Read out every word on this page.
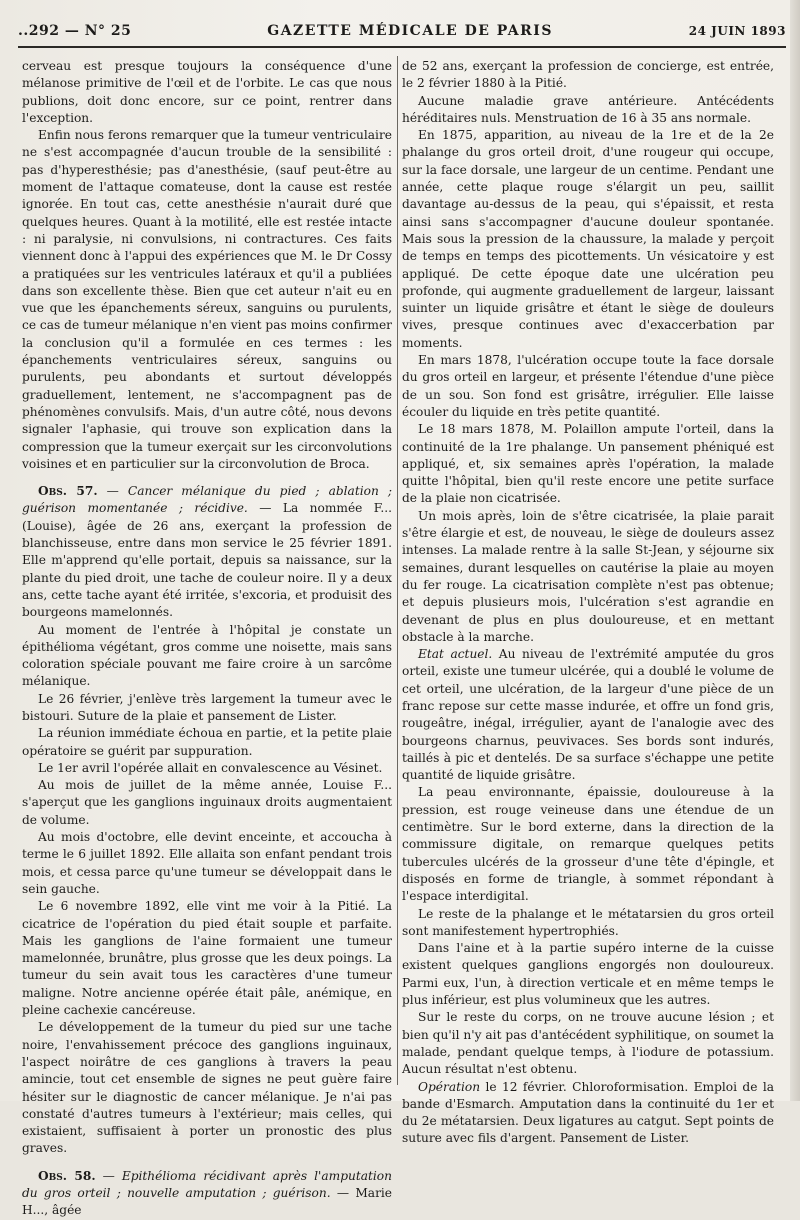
..292 — N° 25	GAZETTE MÉDICALE DE PARIS	24 JUIN 1893

cerveau est presque toujours la conséquence d'une mélanose primitive de l'œil et de l'orbite. Le cas que nous publions, doit donc encore, sur ce point, rentrer dans l'exception.

Enfin nous ferons remarquer que la tumeur ventriculaire ne s'est accompagnée d'aucun trouble de la sensibilité : pas d'hyperesthésie; pas d'anesthésie, (sauf peut-être au moment de l'attaque comateuse, dont la cause est restée ignorée. En tout cas, cette anesthésie n'aurait duré que quelques heures. Quant à la motilité, elle est restée intacte : ni paralysie, ni convulsions, ni contractures. Ces faits viennent donc à l'appui des expériences que M. le Dr Cossy a pratiquées sur les ventricules latéraux et qu'il a publiées dans son excellente thèse. Bien que cet auteur n'ait eu en vue que les épanchements séreux, sanguins ou purulents, ce cas de tumeur mélanique n'en vient pas moins confirmer la conclusion qu'il a formulée en ces termes : les épanchements ventriculaires séreux, sanguins ou purulents, peu abondants et surtout développés graduellement, lentement, ne s'accompagnent pas de phénomènes convulsifs. Mais, d'un autre côté, nous devons signaler l'aphasie, qui trouve son explication dans la compression que la tumeur exerçait sur les circonvolutions voisines et en particulier sur la circonvolution de Broca.

Obs. 57. — Cancer mélanique du pied ; ablation ; guérison momentanée ; récidive. — La nommée F... (Louise), âgée de 26 ans, exerçant la profession de blanchisseuse, entre dans mon service le 25 février 1891. Elle m'apprend qu'elle portait, depuis sa naissance, sur la plante du pied droit, une tache de couleur noire. Il y a deux ans, cette tache ayant été irritée, s'excoria, et produisit des bourgeons mamelonnés.

Au moment de l'entrée à l'hôpital je constate un épithélioma végétant, gros comme une noisette, mais sans coloration spéciale pouvant me faire croire à un sarcôme mélanique.

Le 26 février, j'enlève très largement la tumeur avec le bistouri. Suture de la plaie et pansement de Lister.

La réunion immédiate échoua en partie, et la petite plaie opératoire se guérit par suppuration.

Le 1er avril l'opérée allait en convalescence au Vésinet.

Au mois de juillet de la même année, Louise F... s'aperçut que les ganglions inguinaux droits augmentaient de volume.

Au mois d'octobre, elle devint enceinte, et accoucha à terme le 6 juillet 1892. Elle allaita son enfant pendant trois mois, et cessa parce qu'une tumeur se développait dans le sein gauche.

Le 6 novembre 1892, elle vint me voir à la Pitié. La cicatrice de l'opération du pied était souple et parfaite. Mais les ganglions de l'aine formaient une tumeur mamelonnée, brunâtre, plus grosse que les deux poings. La tumeur du sein avait tous les caractères d'une tumeur maligne. Notre ancienne opérée était pâle, anémique, en pleine cachexie cancéreuse.

Le développement de la tumeur du pied sur une tache noire, l'envahissement précoce des ganglions inguinaux, l'aspect noirâtre de ces ganglions à travers la peau amincie, tout cet ensemble de signes ne peut guère faire hésiter sur le diagnostic de cancer mélanique. Je n'ai pas constaté d'autres tumeurs à l'extérieur; mais celles, qui existaient, suffisaient à porter un pronostic des plus graves.

Obs. 58. — Epithélioma récidivant après l'amputation du gros orteil ; nouvelle amputation ; guérison. — Marie H..., âgée

de 52 ans, exerçant la profession de concierge, est entrée, le 2 février 1880 à la Pitié.

Aucune maladie grave antérieure. Antécédents héréditaires nuls. Menstruation de 16 à 35 ans normale.

En 1875, apparition, au niveau de la 1re et de la 2e phalange du gros orteil droit, d'une rougeur qui occupe, sur la face dorsale, une largeur de un centime. Pendant une année, cette plaque rouge s'élargit un peu, saillit davantage au-dessus de la peau, qui s'épaissit, et resta ainsi sans s'accompagner d'aucune douleur spontanée. Mais sous la pression de la chaussure, la malade y perçoit de temps en temps des picottements. Un vésicatoire y est appliqué. De cette époque date une ulcération peu profonde, qui augmente graduellement de largeur, laissant suinter un liquide grisâtre et étant le siège de douleurs vives, presque continues avec d'exaccerbation par moments.

En mars 1878, l'ulcération occupe toute la face dorsale du gros orteil en largeur, et présente l'étendue d'une pièce de un sou. Son fond est grisâtre, irrégulier. Elle laisse écouler du liquide en très petite quantité.

Le 18 mars 1878, M. Polaillon ampute l'orteil, dans la continuité de la 1re phalange. Un pansement phéniqué est appliqué, et, six semaines après l'opération, la malade quitte l'hôpital, bien qu'il reste encore une petite surface de la plaie non cicatrisée.

Un mois après, loin de s'être cicatrisée, la plaie parait s'être élargie et est, de nouveau, le siège de douleurs assez intenses. La malade rentre à la salle St-Jean, y séjourne six semaines, durant lesquelles on cautérise la plaie au moyen du fer rouge. La cicatrisation complète n'est pas obtenue; et depuis plusieurs mois, l'ulcération s'est agrandie en devenant de plus en plus douloureuse, et en mettant obstacle à la marche.

Etat actuel. Au niveau de l'extrémité amputée du gros orteil, existe une tumeur ulcérée, qui a doublé le volume de cet orteil, une ulcération, de la largeur d'une pièce de un franc repose sur cette masse indurée, et offre un fond gris, rougeâtre, inégal, irrégulier, ayant de l'analogie avec des bourgeons charnus, peuvivaces. Ses bords sont indurés, taillés à pic et dentelés. De sa surface s'échappe une petite quantité de liquide grisâtre.

La peau environnante, épaissie, douloureuse à la pression, est rouge veineuse dans une étendue de un centimètre. Sur le bord externe, dans la direction de la commissure digitale, on remarque quelques petits tubercules ulcérés de la grosseur d'une tête d'épingle, et disposés en forme de triangle, à sommet répondant à l'espace interdigital.

Le reste de la phalange et le métatarsien du gros orteil sont manifestement hypertrophiés.

Dans l'aine et à la partie supéro interne de la cuisse existent quelques ganglions engorgés non douloureux. Parmi eux, l'un, à direction verticale et en même temps le plus inférieur, est plus volumineux que les autres.

Sur le reste du corps, on ne trouve aucune lésion ; et bien qu'il n'y ait pas d'antécédent syphilitique, on soumet la malade, pendant quelque temps, à l'iodure de potassium. Aucun résultat n'est obtenu.

Opération le 12 février. Chloroformisation. Emploi de la bande d'Esmarch. Amputation dans la continuité du 1er et du 2e métatarsien. Deux ligatures au catgut. Sept points de suture avec fils d'argent. Pansement de Lister.
